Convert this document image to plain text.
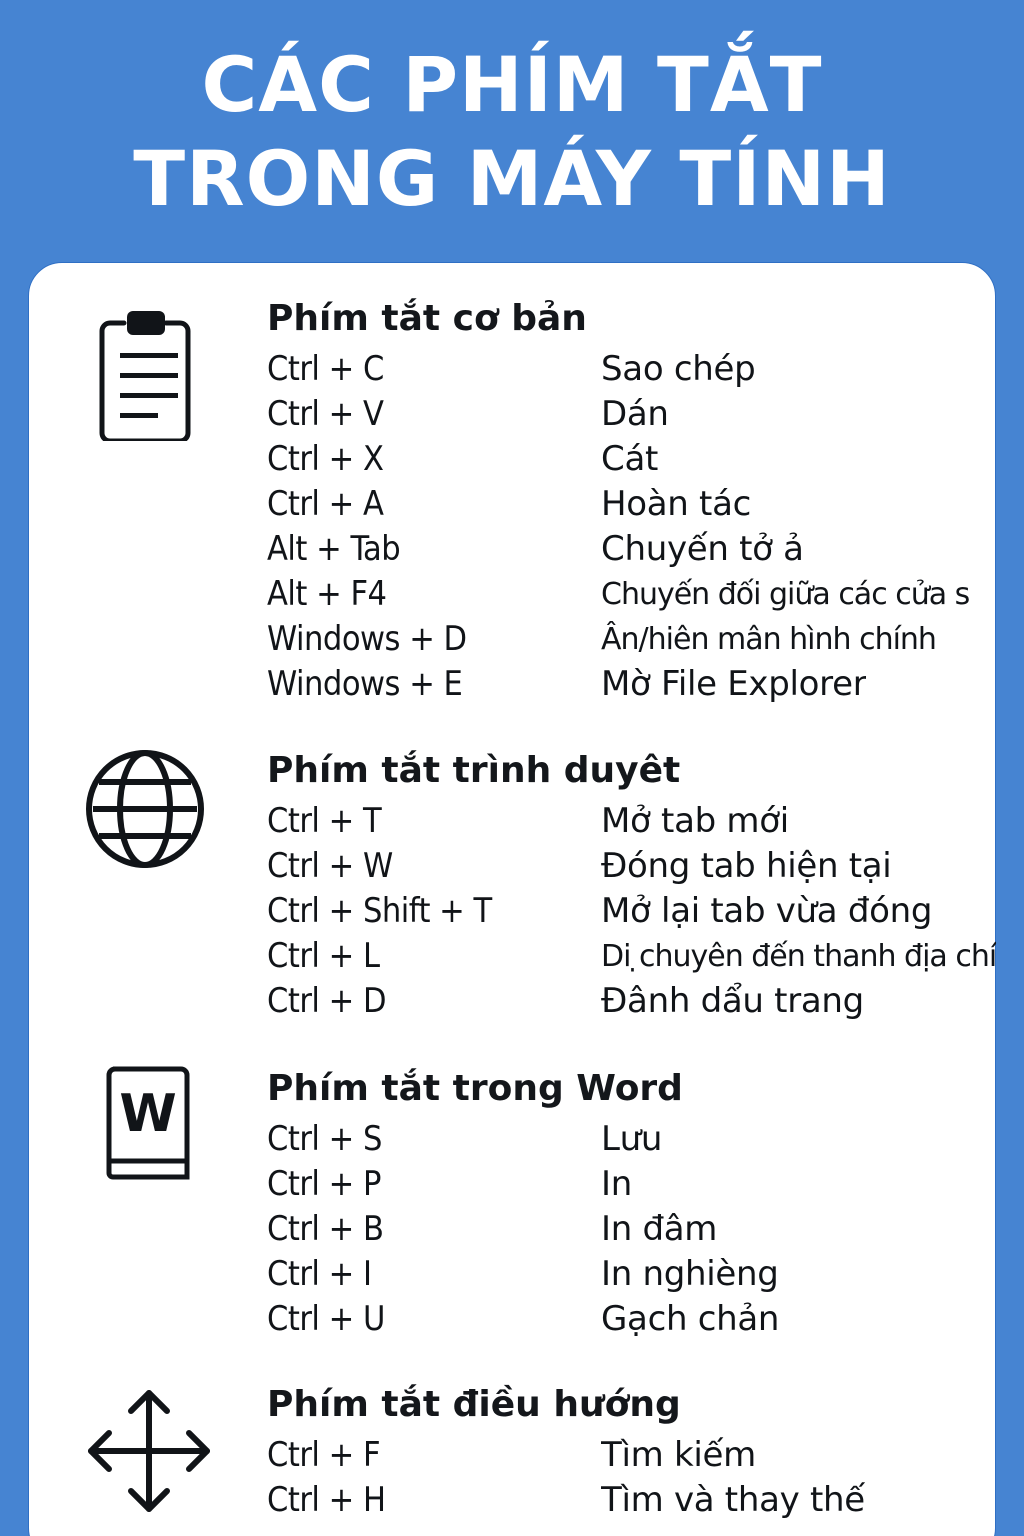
CÁC PHÍM TẮT
TRONG MÁY TÍNH
Phím tắt cơ bản
Ctrl + C	Sao chép
Ctrl + V	Dán
Ctrl + X	Cát
Ctrl + A	Hoàn tác
Alt + Tab	Chuyến tở ả
Alt + F4	Chuyến đối giữa các cửa s
Windows + D	Ân/hiên mân hình chính
Windows + E	Mờ File Explorer
Phím tắt trình duyêt
Ctrl + T	Mở tab mới
Ctrl + W	Đóng tab hiện tại
Ctrl + Shift + T	Mở lại tab vừa đóng
Ctrl + L	Di ̣chuyên đến thanh địa chí
Ctrl + D	Đânh dẩu trang
W	Phím tắt trong Word
Ctrl + S	Lưu
Ctrl + P	In
Ctrl + B	In đâm
Ctrl + I	In nghièng
Ctrl + U	Gạch chản
Phím tắt điều hướng
Ctrl + F	Tìm kiếm
Ctrl + H	Tìm và thay thế
